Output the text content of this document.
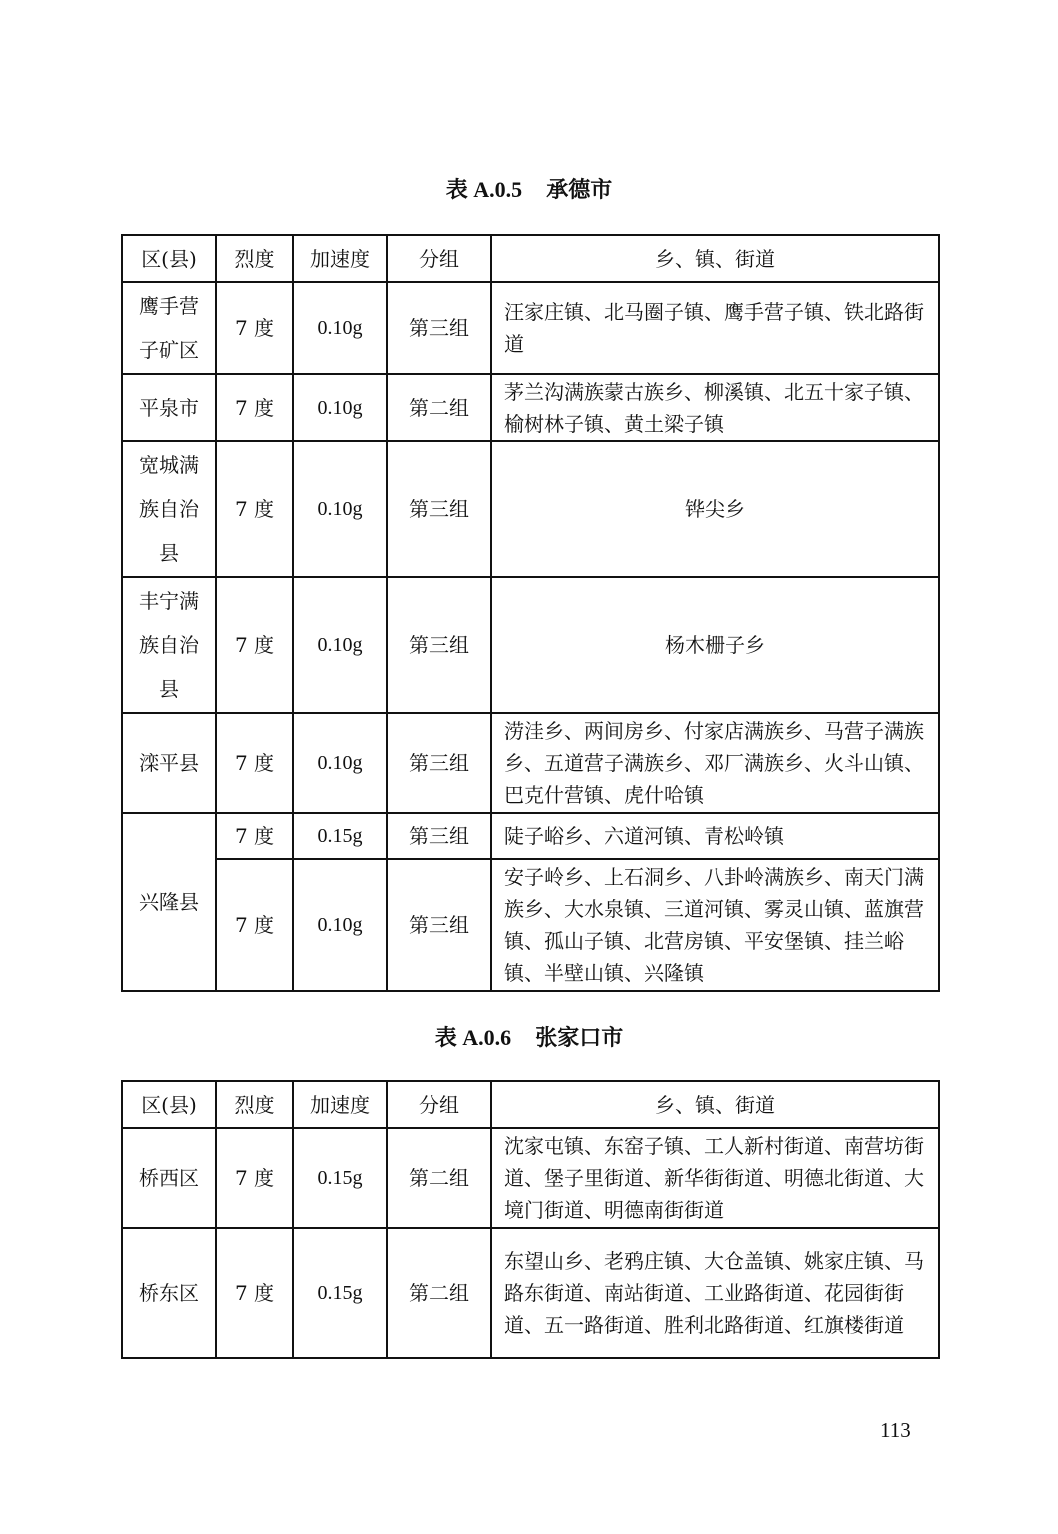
表 A.0.5 承德市
区(县)	烈度	加速度	分组	乡、镇、街道
鹰手营子矿区	7 度	0.10g	第三组	汪家庄镇、北马圈子镇、鹰手营子镇、铁北路街道
平泉市	7 度	0.10g	第二组	茅兰沟满族蒙古族乡、柳溪镇、北五十家子镇、榆树林子镇、黄土梁子镇
宽城满族自治县	7 度	0.10g	第三组	铧尖乡
丰宁满族自治县	7 度	0.10g	第三组	杨木栅子乡
滦平县	7 度	0.10g	第三组	涝洼乡、两间房乡、付家店满族乡、马营子满族乡、五道营子满族乡、邓厂满族乡、火斗山镇、巴克什营镇、虎什哈镇
兴隆县	7 度	0.15g	第三组	陡子峪乡、六道河镇、青松岭镇
	7 度	0.10g	第三组	安子岭乡、上石洞乡、八卦岭满族乡、南天门满族乡、大水泉镇、三道河镇、雾灵山镇、蓝旗营镇、孤山子镇、北营房镇、平安堡镇、挂兰峪镇、半壁山镇、兴隆镇
表 A.0.6 张家口市
区(县)	烈度	加速度	分组	乡、镇、街道
桥西区	7 度	0.15g	第二组	沈家屯镇、东窑子镇、工人新村街道、南营坊街道、堡子里街道、新华街街道、明德北街道、大境门街道、明德南街街道
桥东区	7 度	0.15g	第二组	东望山乡、老鸦庄镇、大仓盖镇、姚家庄镇、马路东街道、南站街道、工业路街道、花园街街道、五一路街道、胜利北路街道、红旗楼街道
113
